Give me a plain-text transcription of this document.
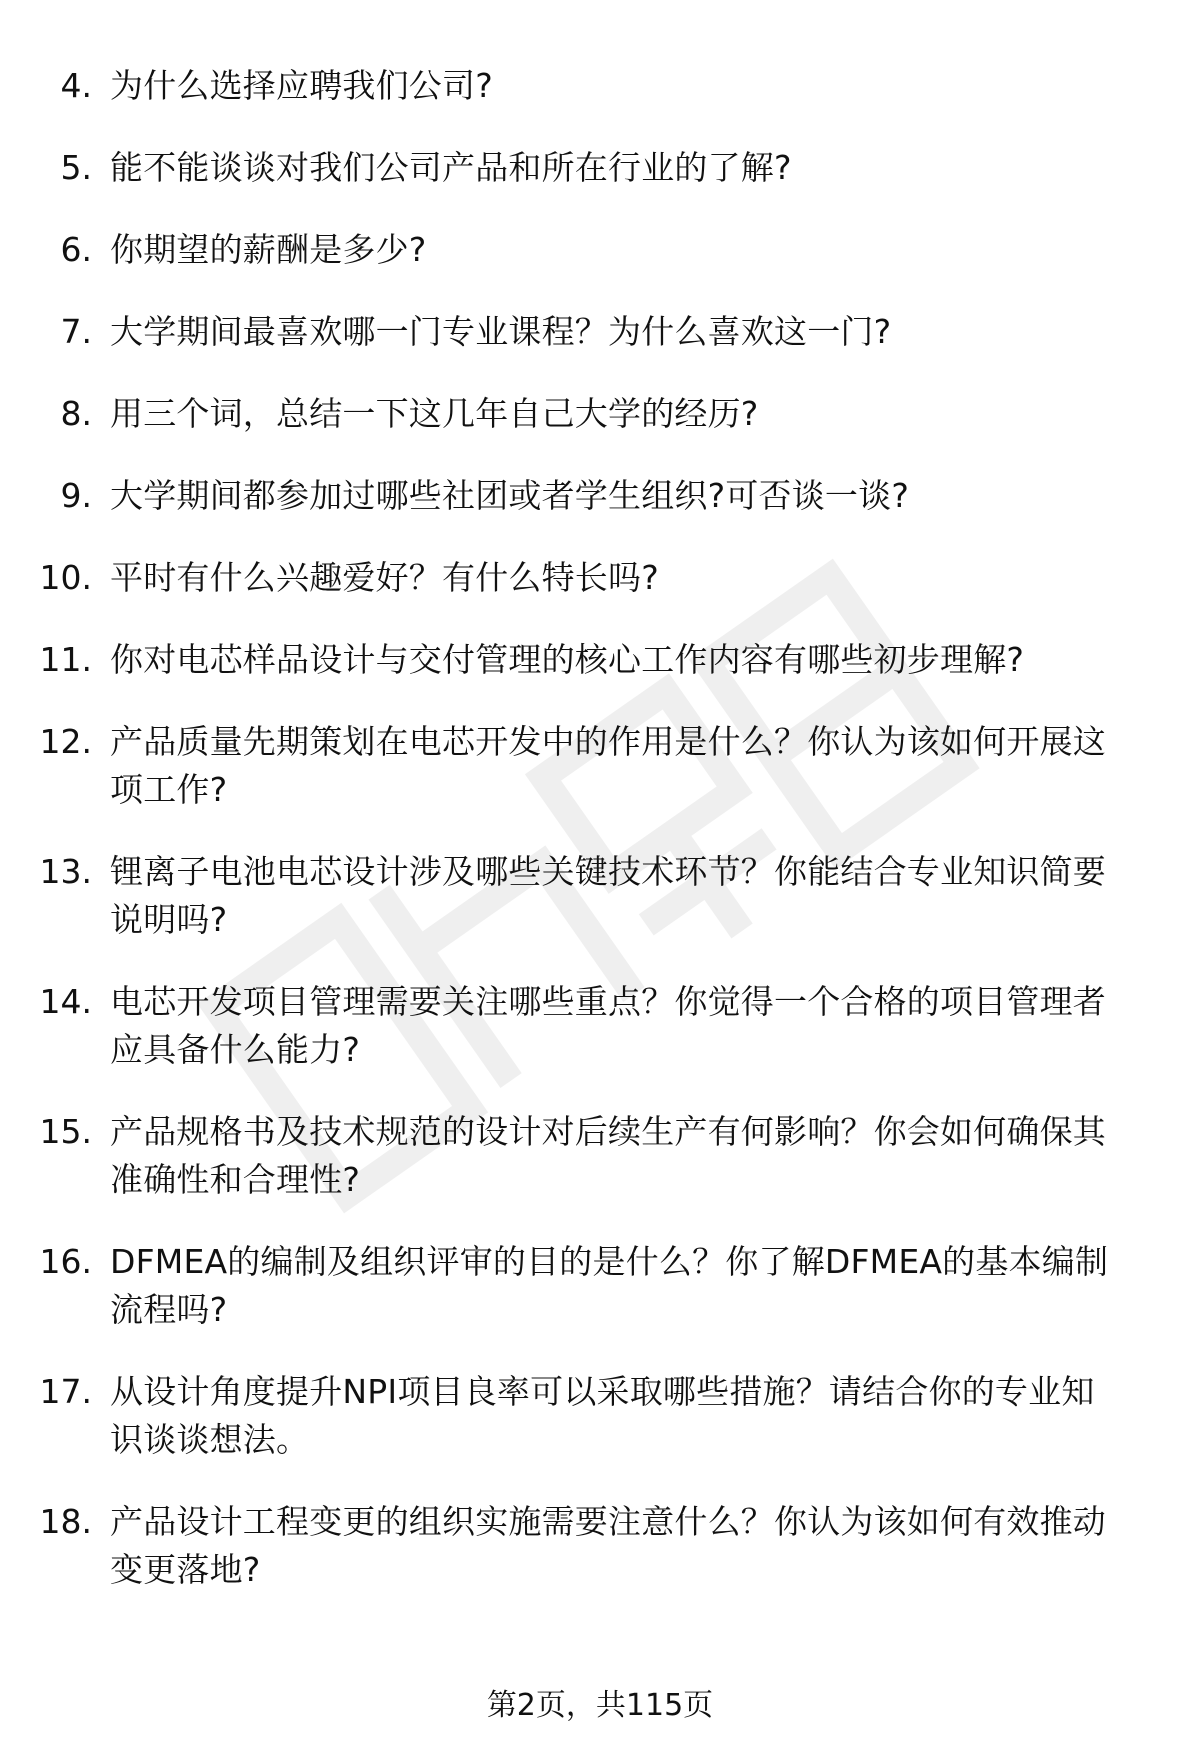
4. 为什么选择应聘我们公司?
5. 能不能谈谈对我们公司产品和所在行业的了解?
6. 你期望的薪酬是多少?
7. 大学期间最喜欢哪一门专业课程？为什么喜欢这一门?
8. 用三个词，总结一下这几年自己大学的经历?
9. 大学期间都参加过哪些社团或者学生组织?可否谈一谈?
10. 平时有什么兴趣爱好？有什么特长吗?
11. 你对电芯样品设计与交付管理的核心工作内容有哪些初步理解?
12. 产品质量先期策划在电芯开发中的作用是什么？你认为该如何开展这项工作?
13. 锂离子电池电芯设计涉及哪些关键技术环节？你能结合专业知识简要说明吗?
14. 电芯开发项目管理需要关注哪些重点？你觉得一个合格的项目管理者应具备什么能力?
15. 产品规格书及技术规范的设计对后续生产有何影响？你会如何确保其准确性和合理性?
16. DFMEA的编制及组织评审的目的是什么？你了解DFMEA的基本编制流程吗?
17. 从设计角度提升NPI项目良率可以采取哪些措施？请结合你的专业知识谈谈想法。
18. 产品设计工程变更的组织实施需要注意什么？你认为该如何有效推动变更落地?
第2页，共115页
